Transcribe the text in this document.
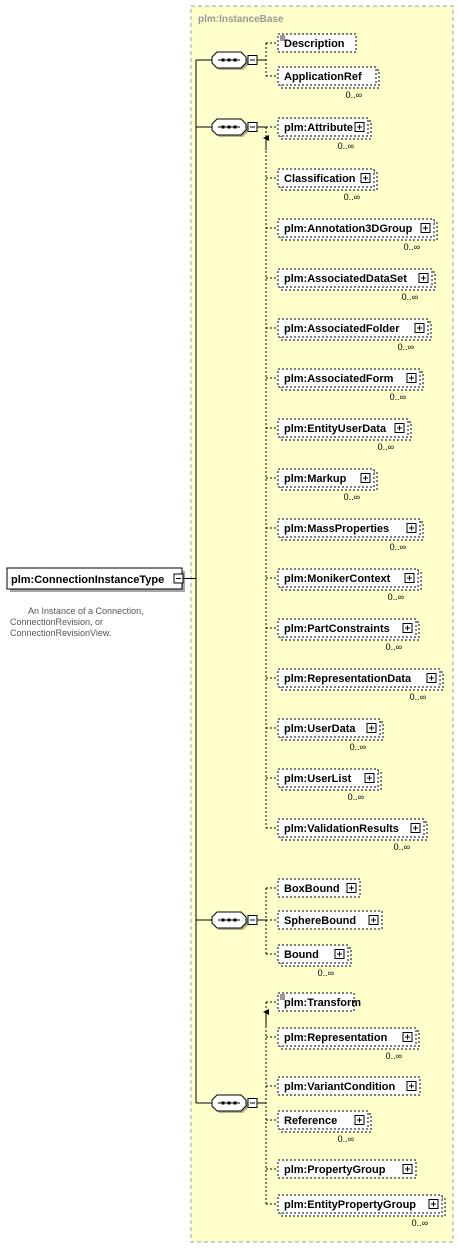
plm:InstanceBase
plm:ConnectionInstanceType
An Instance of a Connection,
ConnectionRevision, or
ConnectionRevisionView.
Description
ApplicationRef
0..∞
plm:Attribute
0..∞
Classification
0..∞
plm:Annotation3DGroup
0..∞
plm:AssociatedDataSet
0..∞
plm:AssociatedFolder
0..∞
plm:AssociatedForm
0..∞
plm:EntityUserData
0..∞
plm:Markup
0..∞
plm:MassProperties
0..∞
plm:MonikerContext
0..∞
plm:PartConstraints
0..∞
plm:RepresentationData
0..∞
plm:UserData
0..∞
plm:UserList
0..∞
plm:ValidationResults
0..∞
BoxBound
SphereBound
Bound
0..∞
plm:Transform
plm:Representation
0..∞
plm:VariantCondition
Reference
0..∞
plm:PropertyGroup
plm:EntityPropertyGroup
0..∞
